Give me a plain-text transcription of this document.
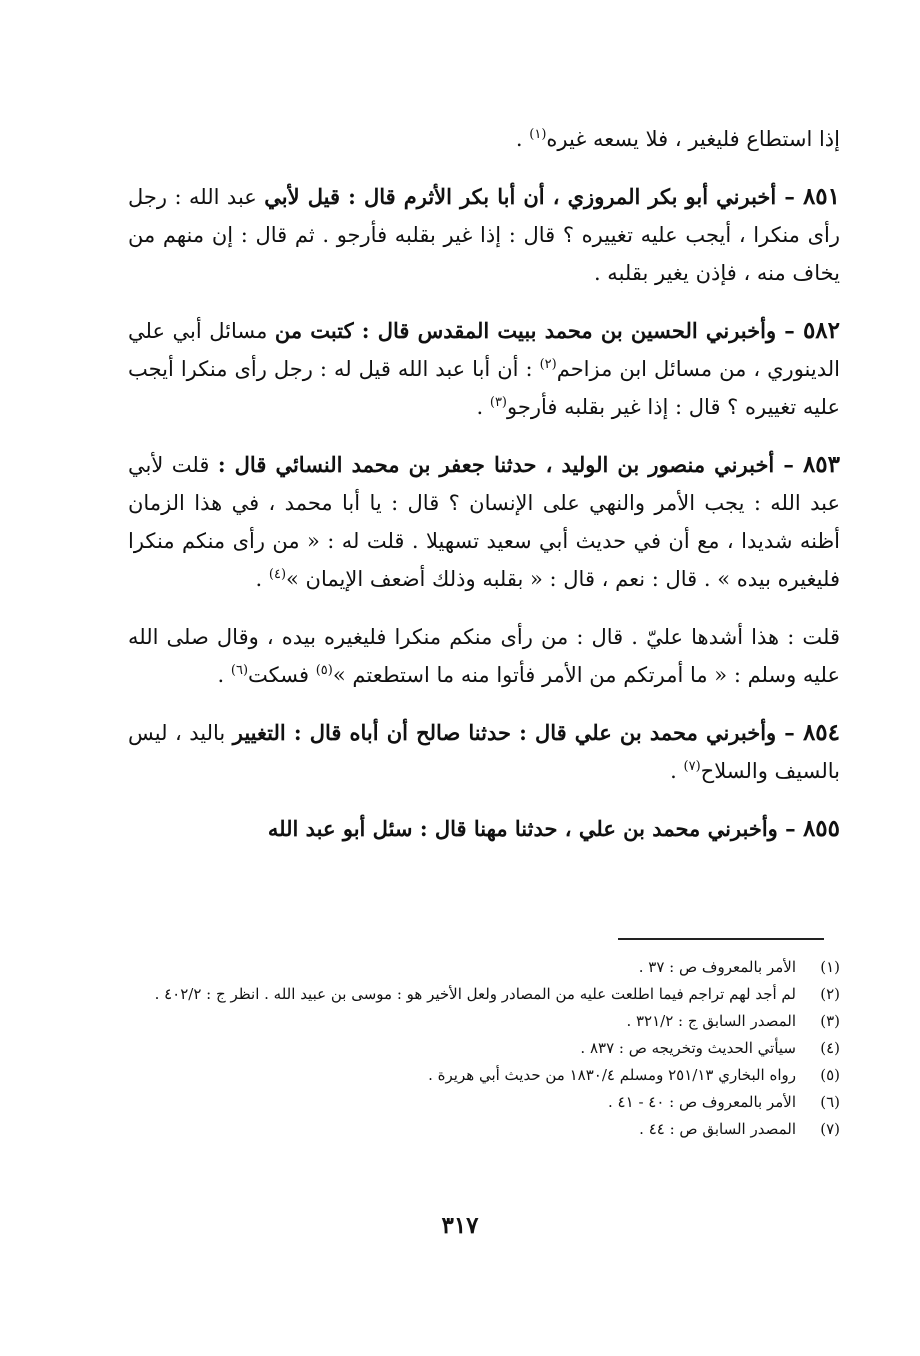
إذا استطاع فليغير ، فلا يسعه غيره$^{(١)}$ .

٨٥١ – أخبرني أبو بكر المروزي ، أن أبا بكر الأثرم قال : قيل لأبي عبد الله : رجل رأى منكرا ، أيجب عليه تغييره ؟ قال : إذا غير بقلبه فأرجو . ثم قال : إن منهم من يخاف منه ، فإذن يغير بقلبه .

٥٨٢ – وأخبرني الحسين بن محمد ببيت المقدس قال : كتبت من مسائل أبي علي الدينوري ، من مسائل ابن مزاحم$^{(٢)}$ : أن أبا عبد الله قيل له : رجل رأى منكرا أيجب عليه تغييره ؟ قال : إذا غير بقلبه فأرجو$^{(٣)}$ .

٨٥٣ – أخبرني منصور بن الوليد ، حدثنا جعفر بن محمد النسائي قال : قلت لأبي عبد الله : يجب الأمر والنهي على الإنسان ؟ قال : يا أبا محمد ، في هذا الزمان أظنه شديدا ، مع أن في حديث أبي سعيد تسهيلا . قلت له : « من رأى منكم منكرا فليغيره بيده » . قال : نعم ، قال : « بقلبه وذلك أضعف الإيمان »$^{(٤)}$ .

قلت : هذا أشدها عليّ . قال : من رأى منكم منكرا فليغيره بيده ، وقال صلى الله عليه وسلم : « ما أمرتكم من الأمر فأتوا منه ما استطعتم »$^{(٥)}$ فسكت$^{(٦)}$ .

٨٥٤ – وأخبرني محمد بن علي قال : حدثنا صالح أن أباه قال : التغيير باليد ، ليس بالسيف والسلاح$^{(٧)}$ .

٨٥٥ – وأخبرني محمد بن علي ، حدثنا مهنا قال : سئل أبو عبد الله

(١)
الأمر بالمعروف ص : ٣٧ .
(٢)
لم أجد لهم تراجم فيما اطلعت عليه من المصادر ولعل الأخير هو : موسى بن عبيد الله . انظر ج : ٤٠٢/٢ .
(٣)
المصدر السابق ج : ٣٢١/٢ .
(٤)
سيأتي الحديث وتخريجه ص : ٨٣٧ .
(٥)
رواه البخاري ٢٥١/١٣ ومسلم ١٨٣٠/٤ من حديث أبي هريرة .
(٦)
الأمر بالمعروف ص : ٤٠ - ٤١ .
(٧)
المصدر السابق ص : ٤٤ .
٣١٧
